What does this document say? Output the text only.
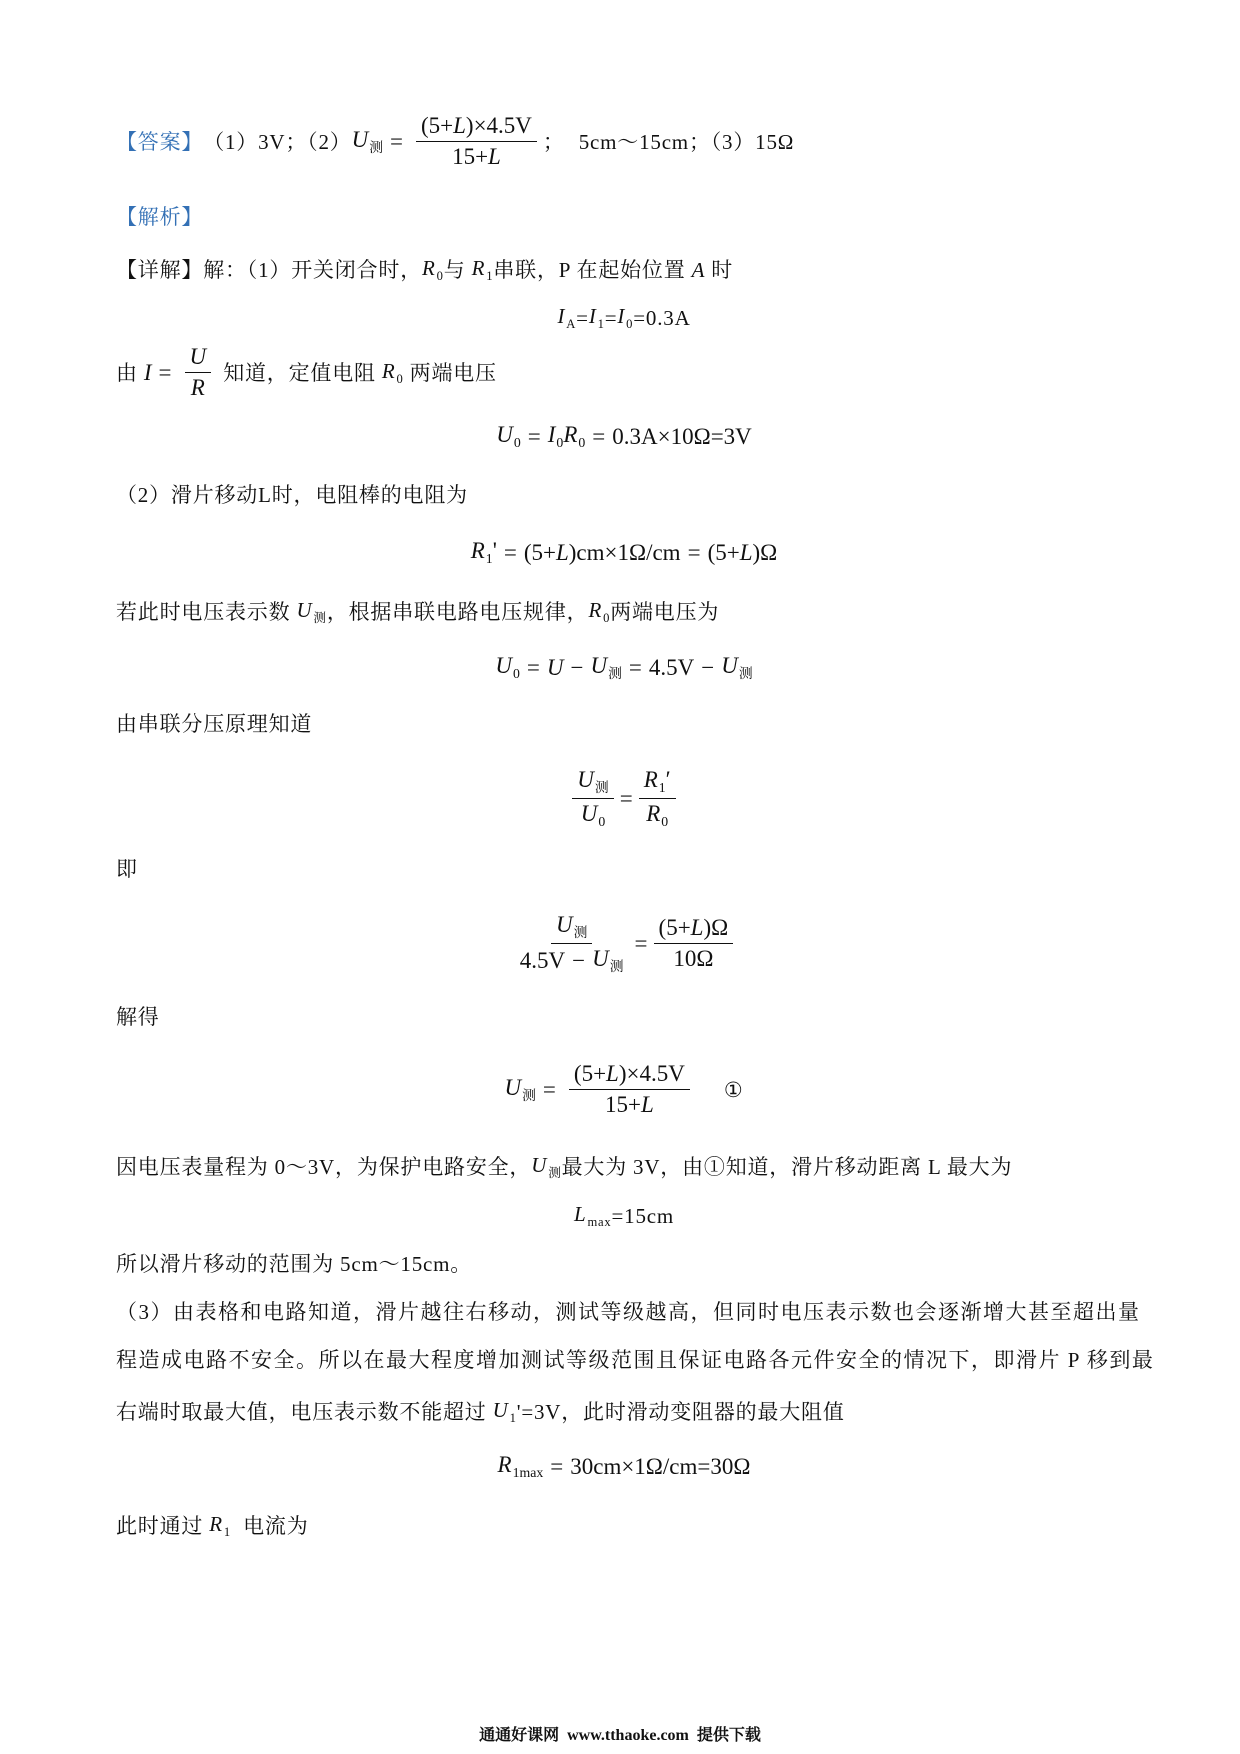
【答案】 （1）3V；（2） $U_测 = \frac{(5+ L )\times 4.5V}{15+ L}$ ； 5cm～15cm；（3）15Ω
【解析】
【详解】 解：（1）开关闭合时， $R_0$ 与 $R_1$ 串联，P 在起始位置 A 时
$I_A = I_1 = I_0 =0.3A$
由 $I = \frac{U}{R}$ 知道，定值电阻 $R_0$ 两端电压
$U_0 = I_0$ $R_0 = 0.3A\times 10\Omega=3V$
（2）滑片移动L时，电阻棒的电阻为
$R_1' = (5+ L$ )cm×1Ω/cm = (5+ L )Ω
若此时电压表示数 $U_测$ ，根据串联电路电压规律， $R_0$ 两端电压为
$U_0 = U - U_测 = 4.5V - U_测$
由串联分压原理知道
$\frac{U_测}{U_0} = \frac{R_1'}{R_0}$
即
$\frac{U_测}{4.5V - U_测} = \frac{(5+ L )\Omega}{10\Omega}$
解得
$U_测 = \frac{(5+ L )\times 4.5V}{15+ L}$ ①
因电压表量程为 0～3V，为保护电路安全， $U_测$ 最大为 3V，由①知道，滑片移动距离 L 最大为
$L_{max} =15cm$
所以滑片移动的范围为 5cm～15cm。
（3）由表格和电路知道，滑片越往右移动，测试等级越高，但同时电压表示数也会逐渐增大甚至超出量
程造成电路不安全。所以在最大程度增加测试等级范围且保证电路各元件安全的情况下，即滑片 P 移到最
右端时取最大值，电压表示数不能超过 $U_1$ '=3V，此时滑动变阻器的最大阻值
$R_{1max} = 30cm\times 1\Omega/cm=30\Omega$
此时通过 $R_1$ 电流为
通通好课网  www.tthaoke.com  提供下载
